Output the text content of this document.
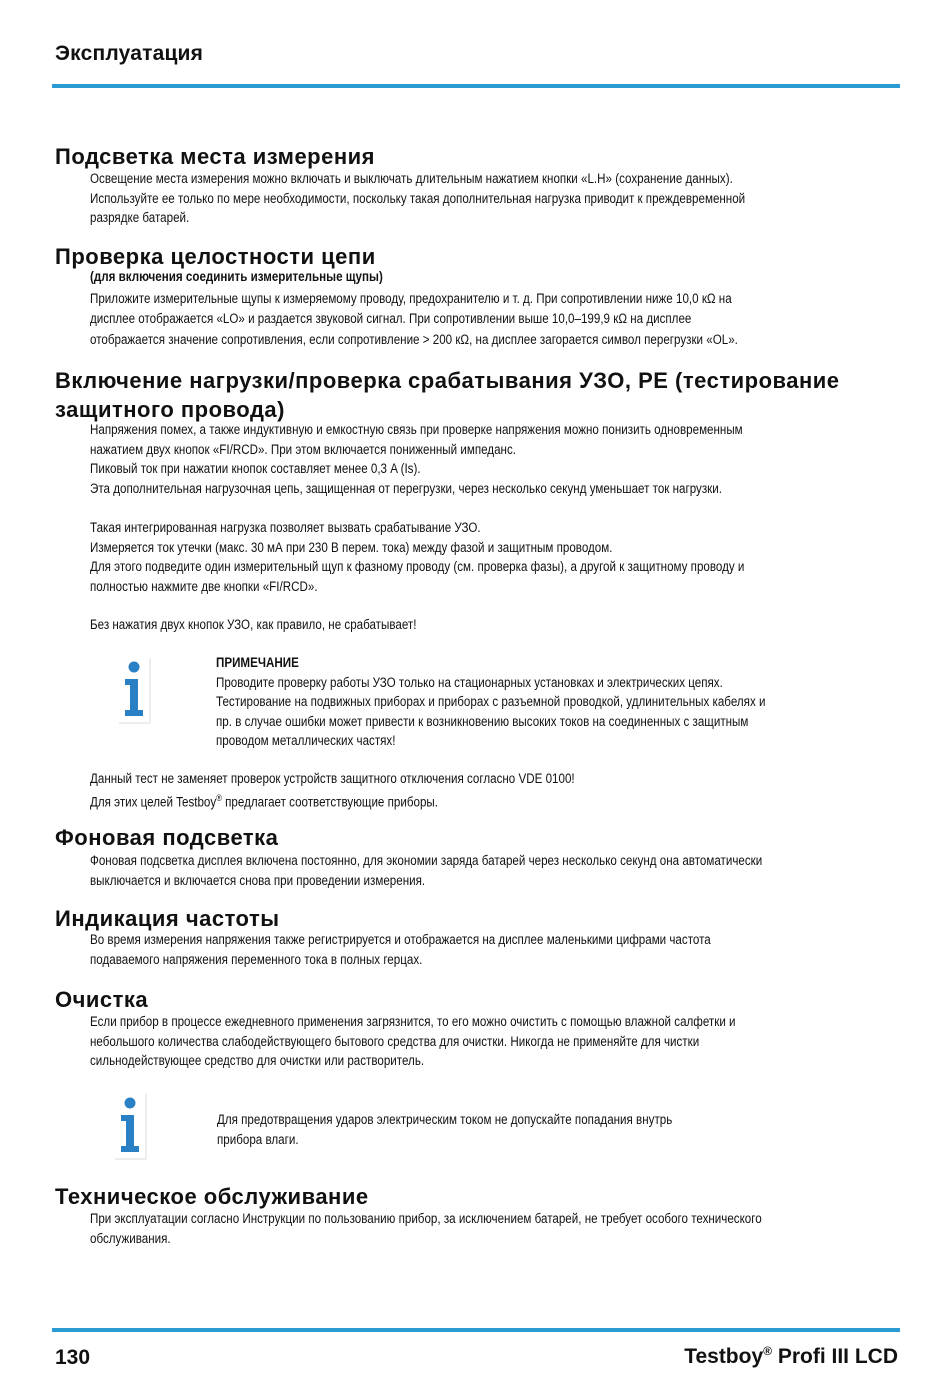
Эксплуатация
Подсветка места измерения
Освещение места измерения можно включать и выключать длительным нажатием кнопки «L.H» (сохранение данных).
Используйте ее только по мере необходимости, поскольку такая дополнительная нагрузка приводит к преждевременной
разрядке батарей.
Проверка целостности цепи
(для включения соединить измерительные щупы)
Приложите измерительные щупы к измеряемому проводу, предохранителю и т. д. При сопротивлении ниже 10,0 кΩ на
дисплее отображается «LO» и раздается звуковой сигнал. При сопротивлении выше 10,0–199,9 кΩ на дисплее
отображается значение сопротивления, если сопротивление > 200 кΩ, на дисплее загорается символ перегрузки «OL».
Включение нагрузки/проверка срабатывания УЗО, PE (тестирование
защитного провода)
Напряжения помех, а также индуктивную и емкостную связь при проверке напряжения можно понизить одновременным
нажатием двух кнопок «FI/RCD». При этом включается пониженный импеданс.
Пиковый ток при нажатии кнопок составляет менее 0,3 A (Is).
Эта дополнительная нагрузочная цепь, защищенная от перегрузки, через несколько секунд уменьшает ток нагрузки.
Такая интегрированная нагрузка позволяет вызвать срабатывание УЗО.
Измеряется ток утечки (макс. 30 мА при 230 В перем. тока) между фазой и защитным проводом.
Для этого подведите один измерительный щуп к фазному проводу (см. проверка фазы), а другой к защитному проводу и
полностью нажмите две кнопки «FI/RCD».
Без нажатия двух кнопок УЗО, как правило, не срабатывает!
ПРИМЕЧАНИЕ
Проводите проверку работы УЗО только на стационарных установках и электрических цепях.
Тестирование на подвижных приборах и приборах с разъемной проводкой, удлинительных кабелях и
пр. в случае ошибки может привести к возникновению высоких токов на соединенных с защитным
проводом металлических частях!
Данный тест не заменяет проверок устройств защитного отключения согласно VDE 0100!
Для этих целей Testboy® предлагает соответствующие приборы.
Фоновая подсветка
Фоновая подсветка дисплея включена постоянно, для экономии заряда батарей через несколько секунд она автоматически
выключается и включается снова при проведении измерения.
Индикация частоты
Во время измерения напряжения также регистрируется и отображается на дисплее маленькими цифрами частота
подаваемого напряжения переменного тока в полных герцах.
Очистка
Если прибор в процессе ежедневного применения загрязнится, то его можно очистить с помощью влажной салфетки и
небольшого количества слабодействующего бытового средства для очистки. Никогда не применяйте для чистки
сильнодействующее средство для очистки или растворитель.
Для предотвращения ударов электрическим током не допускайте попадания внутрь
прибора влаги.
Техническое обслуживание
При эксплуатации согласно Инструкции по пользованию прибор, за исключением батарей, не требует особого технического
обслуживания.
130	Testboy® Profi III LCD
